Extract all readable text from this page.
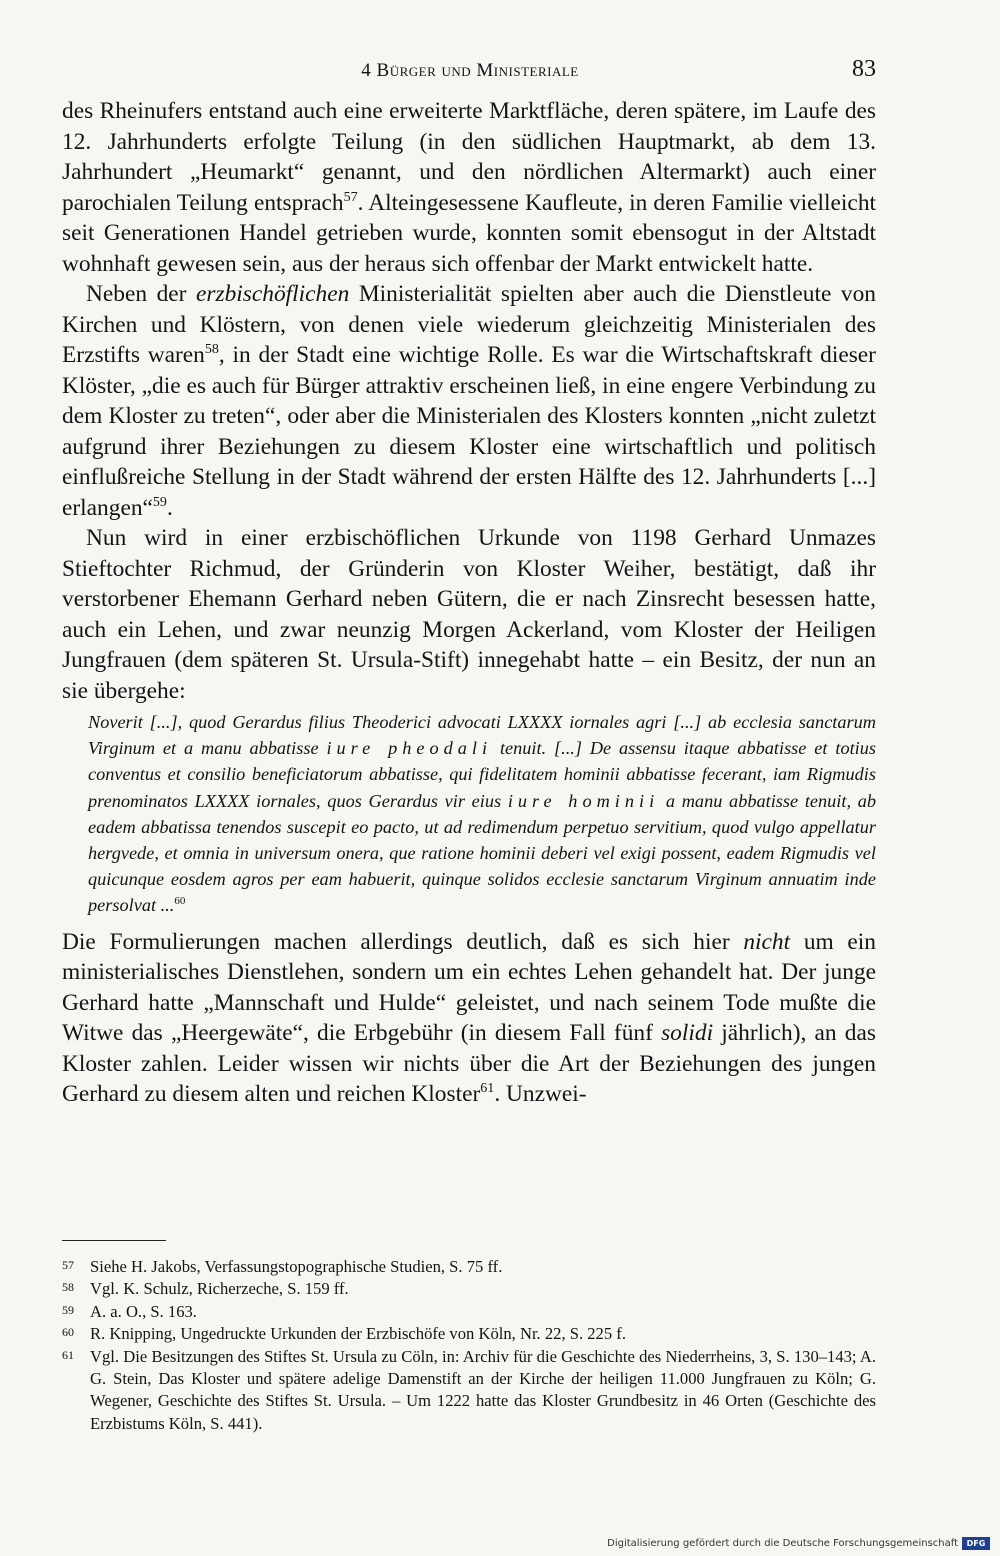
4 Bürger und Ministeriale	83

des Rheinufers entstand auch eine erweiterte Marktfläche, deren spätere, im Laufe des 12. Jahrhunderts erfolgte Teilung (in den südlichen Hauptmarkt, ab dem 13. Jahrhundert „Heumarkt“ genannt, und den nördlichen Altermarkt) auch einer parochialen Teilung entsprach$^{57}$. Alteingesessene Kaufleute, in deren Familie vielleicht seit Generationen Handel getrieben wurde, konnten somit ebensogut in der Altstadt wohnhaft gewesen sein, aus der heraus sich offenbar der Markt entwickelt hatte.

Neben der erzbischöflichen Ministerialität spielten aber auch die Dienstleute von Kirchen und Klöstern, von denen viele wiederum gleichzeitig Ministerialen des Erzstifts waren$^{58}$, in der Stadt eine wichtige Rolle. Es war die Wirtschaftskraft dieser Klöster, „die es auch für Bürger attraktiv erscheinen ließ, in eine engere Verbindung zu dem Kloster zu treten“, oder aber die Ministerialen des Klosters konnten „nicht zuletzt aufgrund ihrer Beziehungen zu diesem Kloster eine wirtschaftlich und politisch einflußreiche Stellung in der Stadt während der ersten Hälfte des 12. Jahrhunderts [...] erlangen“$^{59}$.

Nun wird in einer erzbischöflichen Urkunde von 1198 Gerhard Unmazes Stieftochter Richmud, der Gründerin von Kloster Weiher, bestätigt, daß ihr verstorbener Ehemann Gerhard neben Gütern, die er nach Zinsrecht besessen hatte, auch ein Lehen, und zwar neunzig Morgen Ackerland, vom Kloster der Heiligen Jungfrauen (dem späteren St. Ursula-Stift) innegehabt hatte – ein Besitz, der nun an sie übergehe:

Noverit [...], quod Gerardus filius Theoderici advocati LXXXX iornales agri [...] ab ecclesia sanctarum Virginum et a manu abbatisse iure pheodali tenuit. [...] De assensu itaque abbatisse et totius conventus et consilio beneficiatorum abbatisse, qui fidelitatem hominii abbatisse fecerant, iam Rigmudis prenominatos LXXXX iornales, quos Gerardus vir eius iure hominii a manu abbatisse tenuit, ab eadem abbatissa tenendos suscepit eo pacto, ut ad redimendum perpetuo servitium, quod vulgo appellatur hergvede, et omnia in universum onera, que ratione hominii deberi vel exigi possent, eadem Rigmudis vel quicunque eosdem agros per eam habuerit, quinque solidos ecclesie sanctarum Virginum annuatim inde persolvat ...$^{60}$

Die Formulierungen machen allerdings deutlich, daß es sich hier nicht um ein ministerialisches Dienstlehen, sondern um ein echtes Lehen gehandelt hat. Der junge Gerhard hatte „Mannschaft und Hulde“ geleistet, und nach seinem Tode mußte die Witwe das „Heergewäte“, die Erbgebühr (in diesem Fall fünf solidi jährlich), an das Kloster zahlen. Leider wissen wir nichts über die Art der Beziehungen des jungen Gerhard zu diesem alten und reichen Kloster$^{61}$. Unzwei-

57 Siehe H. Jakobs, Verfassungstopographische Studien, S. 75 ff.
58 Vgl. K. Schulz, Richerzeche, S. 159 ff.
59 A. a. O., S. 163.
60 R. Knipping, Ungedruckte Urkunden der Erzbischöfe von Köln, Nr. 22, S. 225 f.
61 Vgl. Die Besitzungen des Stiftes St. Ursula zu Cöln, in: Archiv für die Geschichte des Niederrheins, 3, S. 130–143; A. G. Stein, Das Kloster und spätere adelige Damenstift an der Kirche der heiligen 11.000 Jungfrauen zu Köln; G. Wegener, Geschichte des Stiftes St. Ursula. – Um 1222 hatte das Kloster Grundbesitz in 46 Orten (Geschichte des Erzbistums Köln, S. 441).
Digitalisierung gefördert durch die Deutsche Forschungsgemeinschaft	DFG
